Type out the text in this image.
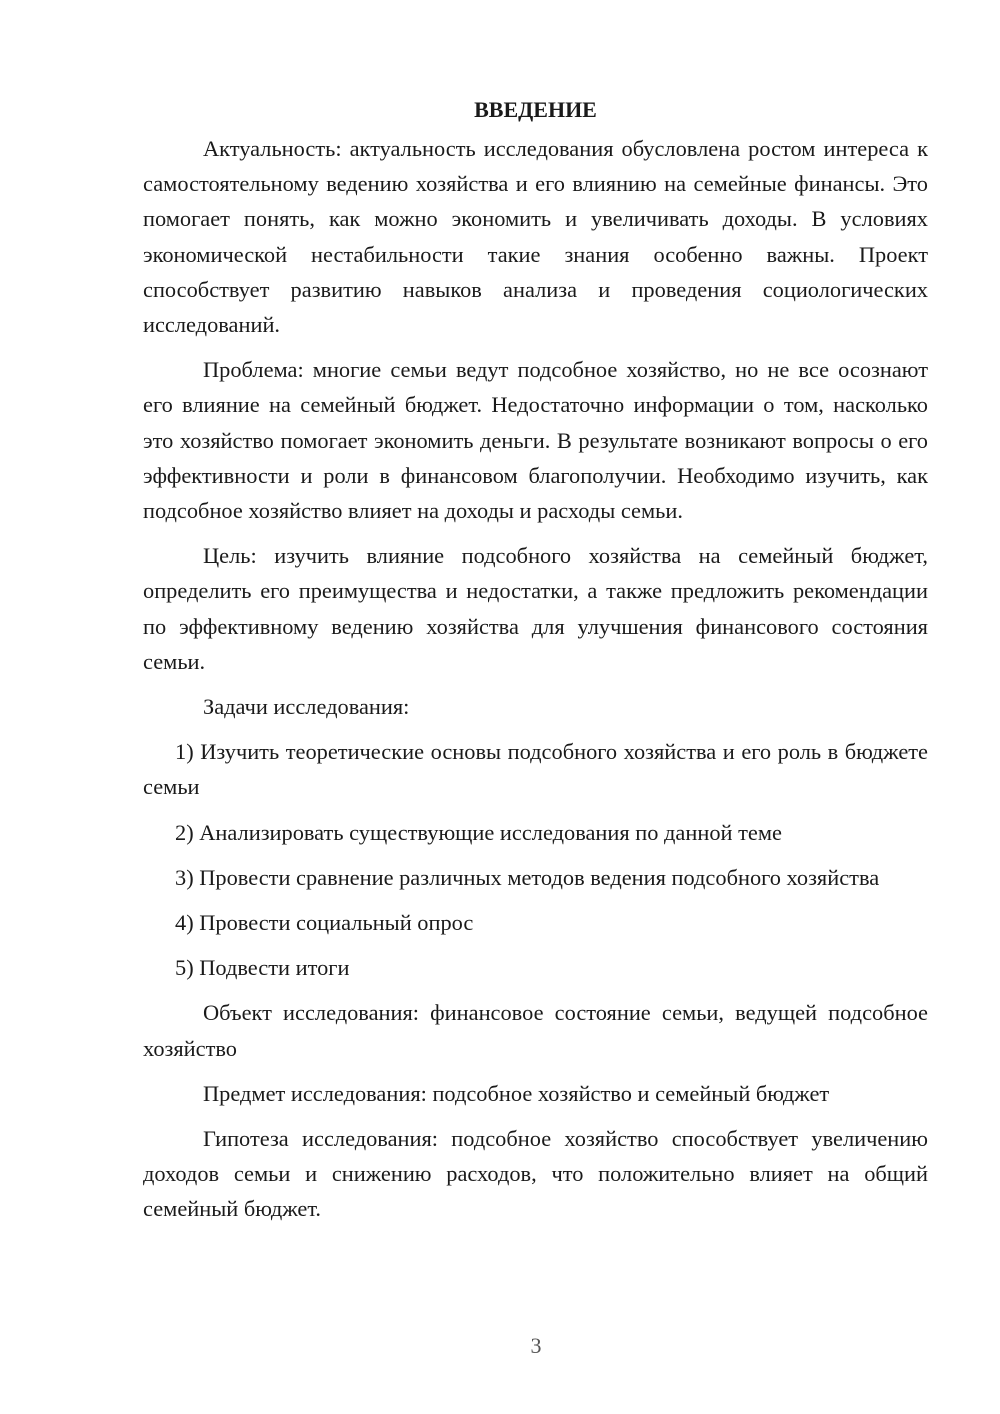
ВВЕДЕНИЕ

Актуальность: актуальность исследования обусловлена ростом интереса к самостоятельному ведению хозяйства и его влиянию на семейные финансы. Это помогает понять, как можно экономить и увеличивать доходы. В условиях экономической нестабильности такие знания особенно важны. Проект способствует развитию навыков анализа и проведения социологических исследований.

Проблема: многие семьи ведут подсобное хозяйство, но не все осознают его влияние на семейный бюджет. Недостаточно информации о том, насколько это хозяйство помогает экономить деньги. В результате возникают вопросы о его эффективности и роли в финансовом благополучии. Необходимо изучить, как подсобное хозяйство влияет на доходы и расходы семьи.

Цель: изучить влияние подсобного хозяйства на семейный бюджет, определить его преимущества и недостатки, а также предложить рекомендации по эффективному ведению хозяйства для улучшения финансового состояния семьи.

Задачи исследования:

1) Изучить теоретические основы подсобного хозяйства и его роль в бюджете семьи

2) Анализировать существующие исследования по данной теме

3) Провести сравнение различных методов ведения подсобного хозяйства

4) Провести социальный опрос

5) Подвести итоги

Объект исследования: финансовое состояние семьи, ведущей подсобное хозяйство

Предмет исследования: подсобное хозяйство и семейный бюджет

Гипотеза исследования: подсобное хозяйство способствует увеличению доходов семьи и снижению расходов, что положительно влияет на общий семейный бюджет.

3
